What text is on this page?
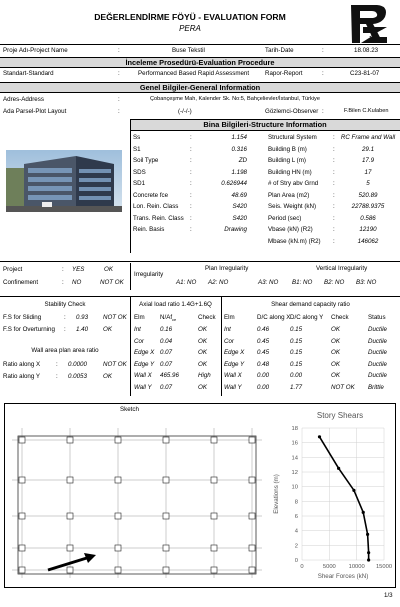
DEĞERLENDİRME FÖYÜ - EVALUATION FORM
PERA
Proje Adı-Project Name	:	Buse Tekstil	Tarih-Date	:	18.08.23
İnceleme Prosedürü-Evaluation Procedure
Standart-Standard	:	Performanced Based Rapid Assessment	Rapor-Report	:	C23-81-07
Genel Bilgiler-General Information
Adres-Address	:	Çobançeşme Mah, Kalender Sk. No:5, Bahçelievler/İstanbul, Türkiye
Ada Parsel-Plot Layout	:	(-/-/-)	Gözlemci-Observer :	F.Bilen C.Kulaben
Bina Bilgileri-Structure Information
Ss	:	1.154
S1	:	0.316
Soil Type	:	ZD
SDS	:	1.198
SD1	:	0.626944
Concrete fce	:	48.69
Lon. Rein. Class :	S420
Trans. Rein. Class :	S420
Rein. Basis	:	Drawing
Structural System	: RC Frame and Wall
Building B (m)	:	29.1
Building L (m)	:	17.9
Building HN (m)	:	17
# of Stry abv Grnd :	5
Plan Area (m2)	:	520.89
Seis. Weight (kN)	:	22788.9375
Period (sec)	:	0.586
Vbase (kN) (R2)	:	12190
Mbase (kN.m) (R2) :	146062
Project	: YES	OK
Confinement	: NO	NOT OK
Irregularity
Plan Irregularity	Vertical Irregularity
A1: NO A2: NO	A3: NO B1: NO B2: NO B3: NO
Stability Check
F.S for Sliding	: 0.93 NOT OK
F.S for Overturning : 1.40 OK
Wall area plan area ratio
Ratio along X	: 0.0000	NOT OK
Ratio along Y	: 0.0053	OK
Axial load ratio 1.4G+1.6Q
Elm $N/Af_{ce}$	Check
Int	0.16	OK
Cor	0.04	OK
Edge X 0.07	OK
Edge Y 0.07	OK
Wall X 465.96	High
Wall Y 0.07	OK
Shear demand capacity ratio
Elm	D/C along X D/C along Y Check	Status
Int	0.46	0.15	OK	Ductile
Cor	0.45	0.15	OK	Ductile
Edge X 0.45	0.15	OK	Ductile
Edge Y 0.48	0.15	OK	Ductile
Wall X 0.00	0.00	OK	Ductile
Wall Y 0.00	1.77	NOT OK Brittle
Sketch
Story Shears
0
2
4
6
8
10
12
14
16
18
0	5000 10000 15000
Shear Forces (kN)
Elevations (m)
1/3
